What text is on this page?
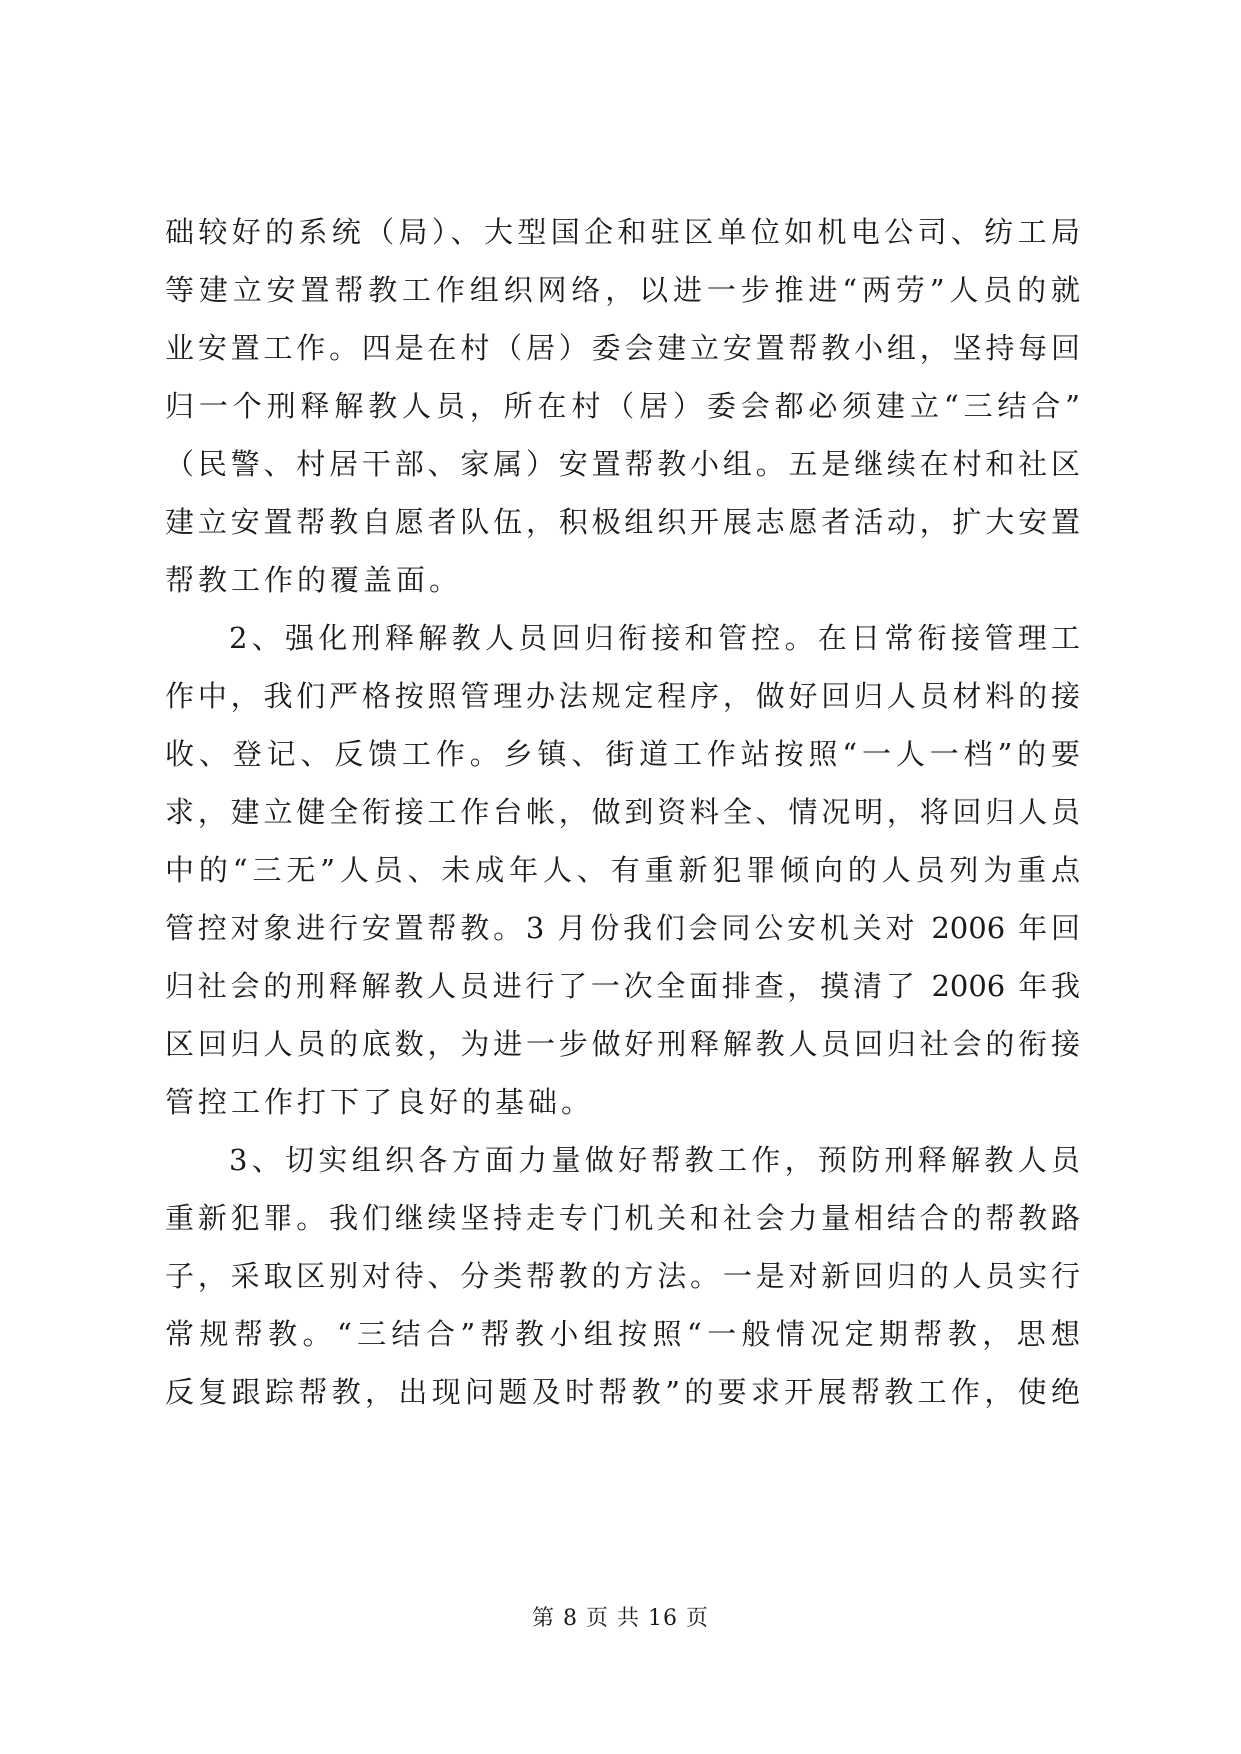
础较好的系统（局）、大型国企和驻区单位如机电公司、纺工局
等建立安置帮教工作组织网络，以进一步推进“两劳”人员的就
业安置工作。四是在村（居）委会建立安置帮教小组，坚持每回
归一个刑释解教人员，所在村（居）委会都必须建立“三结合”
（民警、村居干部、家属）安置帮教小组。五是继续在村和社区
建立安置帮教自愿者队伍，积极组织开展志愿者活动，扩大安置
帮教工作的覆盖面。
2、强化刑释解教人员回归衔接和管控。在日常衔接管理工
作中，我们严格按照管理办法规定程序，做好回归人员材料的接
收、登记、反馈工作。乡镇、街道工作站按照“一人一档”的要
求，建立健全衔接工作台帐，做到资料全、情况明，将回归人员
中的“三无”人员、未成年人、有重新犯罪倾向的人员列为重点
管控对象进行安置帮教。3 月份我们会同公安机关对 2006 年回
归社会的刑释解教人员进行了一次全面排查，摸清了 2006 年我
区回归人员的底数，为进一步做好刑释解教人员回归社会的衔接
管控工作打下了良好的基础。
3、切实组织各方面力量做好帮教工作，预防刑释解教人员
重新犯罪。我们继续坚持走专门机关和社会力量相结合的帮教路
子，采取区别对待、分类帮教的方法。一是对新回归的人员实行
常规帮教。“三结合”帮教小组按照“一般情况定期帮教，思想
反复跟踪帮教，出现问题及时帮教”的要求开展帮教工作，使绝
第 8 页 共 16 页
